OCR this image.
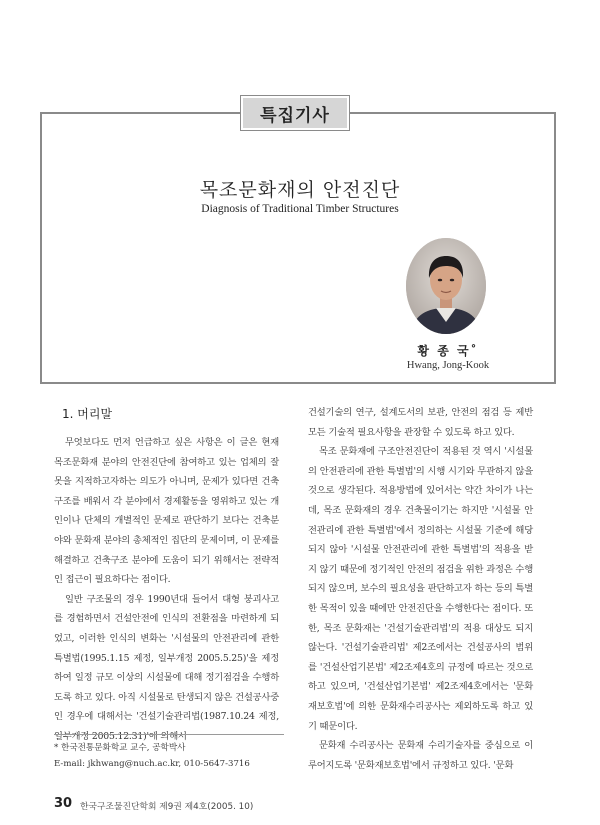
특집기사
목조문화재의 안전진단
Diagnosis of Traditional Timber Structures
황 종 국˚
Hwang, Jong-Kook
1. 머리말

무엇보다도 먼저 언급하고 싶은 사항은 이 글은 현재 목조문화재 분야의 안전진단에 참여하고 있는 업체의 잘못을 지적하고자하는 의도가 아니며, 문제가 있다면 건축구조를 배워서 각 분야에서 경제활동을 영위하고 있는 개인이나 단체의 개별적인 문제로 판단하기 보다는 건축분야와 문화재 분야의 총체적인 집단의 문제이며, 이 문제를 해결하고 건축구조 분야에 도움이 되기 위해서는 전략적인 접근이 필요하다는 점이다.

일반 구조물의 경우 1990년대 들어서 대형 붕괴사고를 경험하면서 건설안전에 인식의 전환점을 마련하게 되었고, 이러한 인식의 변화는 '시설물의 안전관리에 관한 특별법(1995.1.15 제정, 일부개정 2005.5.25)'을 제정하여 일정 규모 이상의 시설물에 대해 정기점검을 수행하도록 하고 있다. 아직 시설물로 탄생되지 않은 건설공사중인 경우에 대해서는 '건설기술관리법(1987.10.24 제정, 일부개정 2005.12.31)'에 의해서

건설기술의 연구, 설계도서의 보관, 안전의 점검 등 제반 모든 기술적 필요사항을 관장할 수 있도록 하고 있다.

목조 문화재에 구조안전진단이 적용된 것 역시 '시설물의 안전관리에 관한 특별법'의 시행 시기와 무관하지 않을 것으로 생각된다. 적용방법에 있어서는 약간 차이가 나는데, 목조 문화재의 경우 건축물이기는 하지만 '시설물 안전관리에 관한 특별법'에서 정의하는 시설물 기준에 해당되지 않아 '시설물 안전관리에 관한 특별법'의 적용을 받지 않기 때문에 정기적인 안전의 점검을 위한 과정은 수행되지 않으며, 보수의 필요성을 판단하고자 하는 등의 특별한 목적이 있을 때에만 안전진단을 수행한다는 점이다. 또한, 목조 문화재는 '건설기술관리법'의 적용 대상도 되지 않는다. '건설기술관리법' 제2조에서는 건설공사의 범위를 '건설산업기본법' 제2조제4호의 규정에 따르는 것으로 하고 있으며, '건설산업기본법' 제2조제4호에서는 '문화재보호법'에 의한 문화재수리공사는 제외하도록 하고 있기 때문이다.

문화재 수리공사는 문화재 수리기술자를 중심으로 이루어지도록 '문화재보호법'에서 규정하고 있다. '문화

* 한국전통문화학교 교수, 공학박사
E-mail: jkhwang@nuch.ac.kr, 010-5647-3716
30 한국구조물진단학회 제9권 제4호(2005. 10)
